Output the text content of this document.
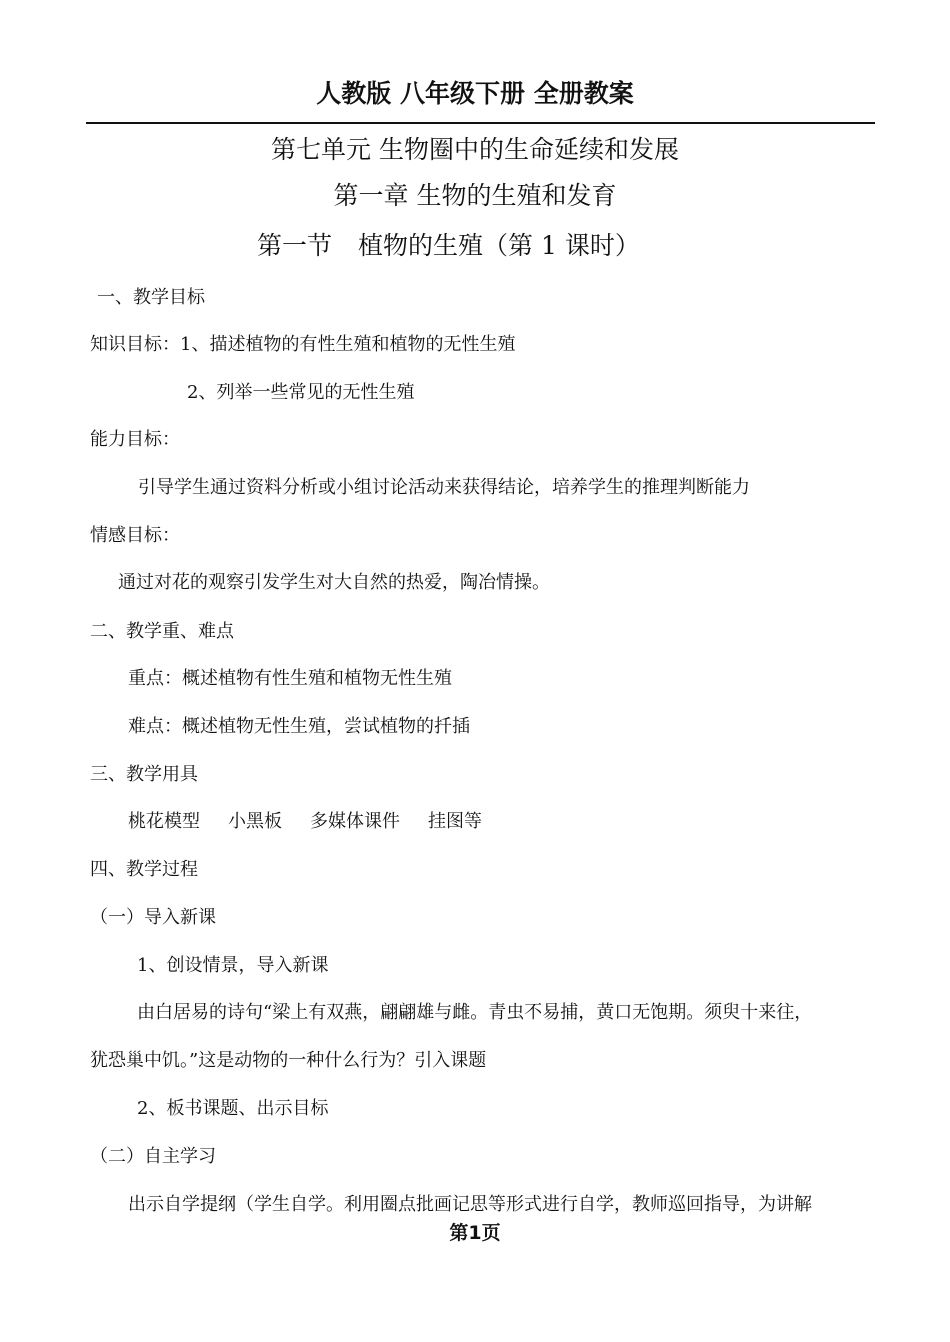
人教版 八年级下册 全册教案
第七单元 生物圈中的生命延续和发展
第一章 生物的生殖和发育
第一节 植物的生殖（第 1 课时）
一、教学目标
知识目标：1、描述植物的有性生殖和植物的无性生殖
2、列举一些常见的无性生殖
能力目标：
引导学生通过资料分析或小组讨论活动来获得结论，培养学生的推理判断能力
情感目标：
通过对花的观察引发学生对大自然的热爱，陶冶情操。
二、教学重、难点
重点：概述植物有性生殖和植物无性生殖
难点：概述植物无性生殖，尝试植物的扦插
三、教学用具
桃花模型 小黑板 多媒体课件 挂图等
四、教学过程
（一）导入新课
1、创设情景，导入新课
由白居易的诗句“梁上有双燕，翩翩雄与雌。青虫不易捕，黄口无饱期。须臾十来往，
犹恐巢中饥。”这是动物的一种什么行为？引入课题
2、板书课题、出示目标
（二）自主学习
出示自学提纲（学生自学。利用圈点批画记思等形式进行自学，教师巡回指导，为讲解
第1页
